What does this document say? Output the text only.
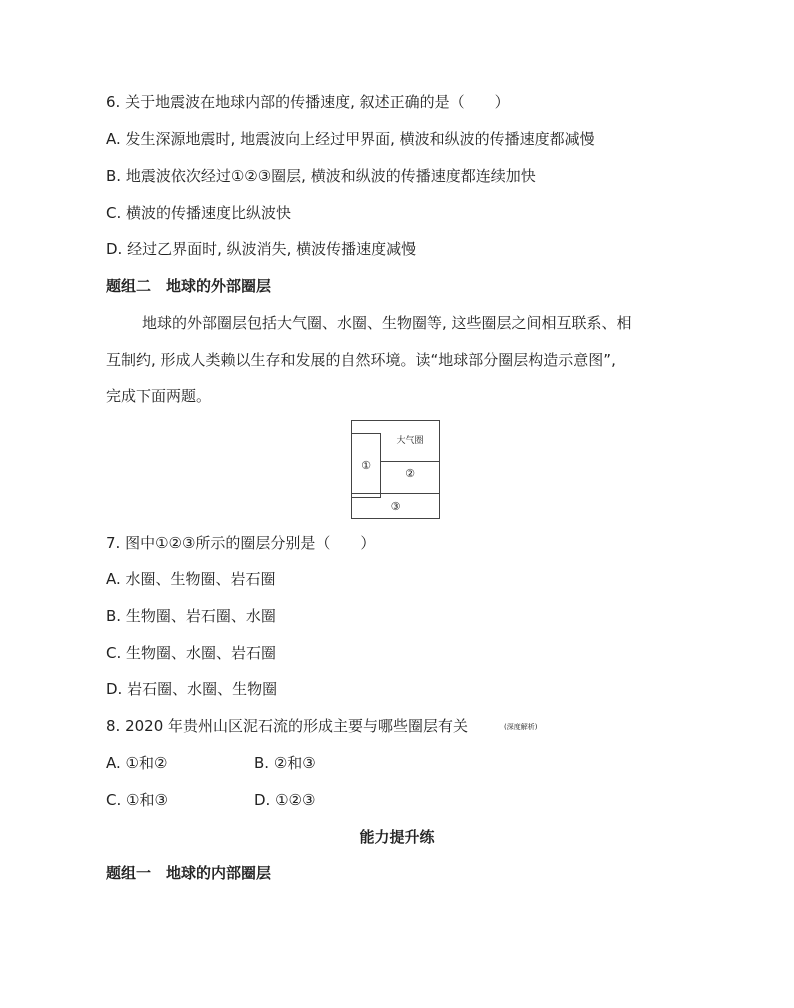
6. 关于地震波在地球内部的传播速度, 叙述正确的是（　　）
A. 发生深源地震时, 地震波向上经过甲界面, 横波和纵波的传播速度都减慢
B. 地震波依次经过①②③圈层, 横波和纵波的传播速度都连续加快
C. 横波的传播速度比纵波快
D. 经过乙界面时, 纵波消失, 横波传播速度减慢
题组二　地球的外部圈层
地球的外部圈层包括大气圈、水圈、生物圈等, 这些圈层之间相互联系、相
互制约, 形成人类赖以生存和发展的自然环境。读“地球部分圈层构造示意图”,
完成下面两题。
大气圈
①
②
③
7. 图中①②③所示的圈层分别是（　　）
A. 水圈、生物圈、岩石圈
B. 生物圈、岩石圈、水圈
C. 生物圈、水圈、岩石圈
D. 岩石圈、水圈、生物圈
8. 2020 年贵州山区泥石流的形成主要与哪些圈层有关	(深度解析)
A. ①和②	B. ②和③
C. ①和③	D. ①②③
能力提升练
题组一　地球的内部圈层
